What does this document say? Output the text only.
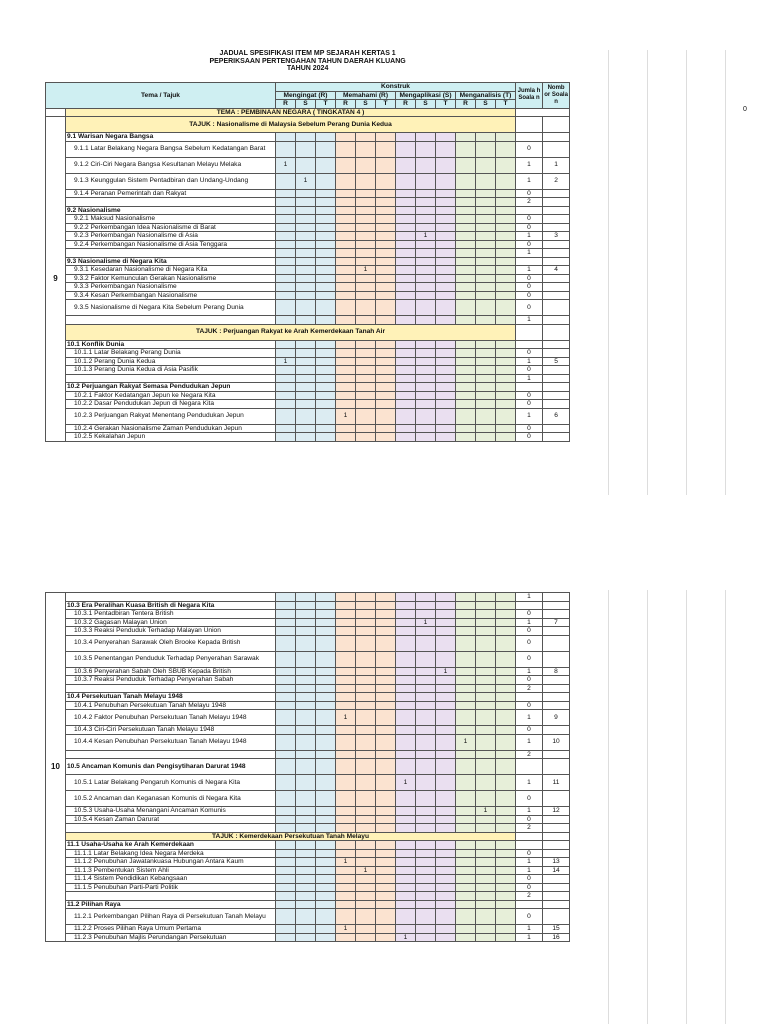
0
JADUAL SPESIFIKASI ITEM MP SEJARAH KERTAS 1															
PEPERIKSAAN PERTENGAHAN TAHUN DAERAH KLUANG															
TAHUN 2024															

Tema / Tajuk		Konstruk												Jumla h Soala n	Nomb or Soala n
		Mengingat (R)			Memahami (R)			Mengaplikasi (S)			Menganalisis (T)				
		R	S	T	R	S	T	R	S	T	R	S	T		
	TEMA : PEMBINAAN NEGARA ( TINGKATAN 4 )														
9	TAJUK : Nasionalisme di Malaysia Sebelum Perang Dunia Kedua														
	9.1 Warisan Negara Bangsa														
	9.1.1 Latar Belakang Negara Bangsa Sebelum Kedatangan Barat													0	
	9.1.2 Ciri-Ciri Negara Bangsa Kesultanan Melayu Melaka	1												1	1
	9.1.3 Keunggulan Sistem Pentadbiran dan Undang-Undang		1											1	2
	9.1.4 Peranan Pemerintah dan Rakyat													0	
														2	
	9.2 Nasionalisme														
	9.2.1 Maksud Nasionalisme													0	
	9.2.2 Perkembangan Idea Nasionalisme di Barat													0	
	9.2.3 Perkembangan Nasionalisme di Asia								1					1	3
	9.2.4 Perkembangan Nasionalisme di Asia Tenggara													0	
														1	
	9.3 Nasionalisme di Negara Kita														
	9.3.1 Kesedaran Nasionalisme di Negara Kita					1								1	4
	9.3.2 Faktor Kemunculan Gerakan Nasionalisme													0	
	9.3.3 Perkembangan Nasionalisme													0	
	9.3.4 Kesan Perkembangan Nasionalisme													0	
	9.3.5 Nasionalisme di Negara Kita Sebelum Perang Dunia													0	
														1	
	TAJUK : Perjuangan Rakyat ke Arah Kemerdekaan Tanah Air														
	10.1 Konflik Dunia														
	10.1.1 Latar Belakang Perang Dunia													0	
	10.1.2 Perang Dunia Kedua	1												1	5
	10.1.3 Perang Dunia Kedua di Asia Pasifik													0	
														1	
	10.2 Perjuangan Rakyat Semasa Pendudukan Jepun														
	10.2.1 Faktor Kedatangan Jepun ke Negara Kita													0	
	10.2.2 Dasar Pendudukan Jepun di Negara Kita													0	
	10.2.3 Perjuangan Rakyat Menentang Pendudukan Jepun				1									1	6
	10.2.4 Gerakan Nasionalisme Zaman Pendudukan Jepun													0	
	10.2.5 Kekalahan Jepun													0	
10														1	
	10.3 Era Peralihan Kuasa British di Negara Kita														
	10.3.1 Pentadbiran Tentera British													0	
	10.3.2 Gagasan Malayan Union								1					1	7
	10.3.3 Reaksi Penduduk Terhadap Malayan Union													0	
	10.3.4 Penyerahan Sarawak Oleh Brooke Kepada British													0	
	10.3.5 Penentangan Penduduk Terhadap Penyerahan Sarawak													0	
	10.3.6 Penyerahan Sabah Oleh SBUB Kepada British									1				1	8
	10.3.7 Reaksi Penduduk Terhadap Penyerahan Sabah													0	
														2	
	10.4 Persekutuan Tanah Melayu 1948														
	10.4.1 Penubuhan Persekutuan Tanah Melayu 1948													0	
	10.4.2 Faktor Penubuhan Persekutuan Tanah Melayu 1948				1									1	9
	10.4.3 Ciri-Ciri Persekutuan Tanah Melayu 1948													0	
	10.4.4 Kesan Penubuhan Persekutuan Tanah Melayu 1948										1			1	10
														2	
	10.5 Ancaman Komunis dan Pengisytiharan Darurat 1948														
	10.5.1 Latar Belakang Pengaruh Komunis di Negara Kita							1						1	11
	10.5.2 Ancaman dan Keganasan Komunis di Negara Kita													0	
	10.5.3 Usaha-Usaha Menangani Ancaman Komunis											1		1	12
	10.5.4 Kesan Zaman Darurat													0	
														2	
	TAJUK : Kemerdekaan Persekutuan Tanah Melayu														
	11.1 Usaha-Usaha ke Arah Kemerdekaan														
	11.1.1 Latar Belakang Idea Negara Merdeka													0	
	11.1.2 Penubuhan Jawatankuasa Hubungan Antara Kaum				1									1	13
	11.1.3 Pembentukan Sistem Ahli					1								1	14
	11.1.4 Sistem Pendidikan Kebangsaan													0	
	11.1.5 Penubuhan Parti-Parti Politik													0	
														2	
	11.2 Pilihan Raya														
	11.2.1 Perkembangan Pilihan Raya di Persekutuan Tanah Melayu													0	
	11.2.2 Proses Pilihan Raya Umum Pertama				1									1	15
	11.2.3 Penubuhan Majlis Perundangan Persekutuan							1						1	16
